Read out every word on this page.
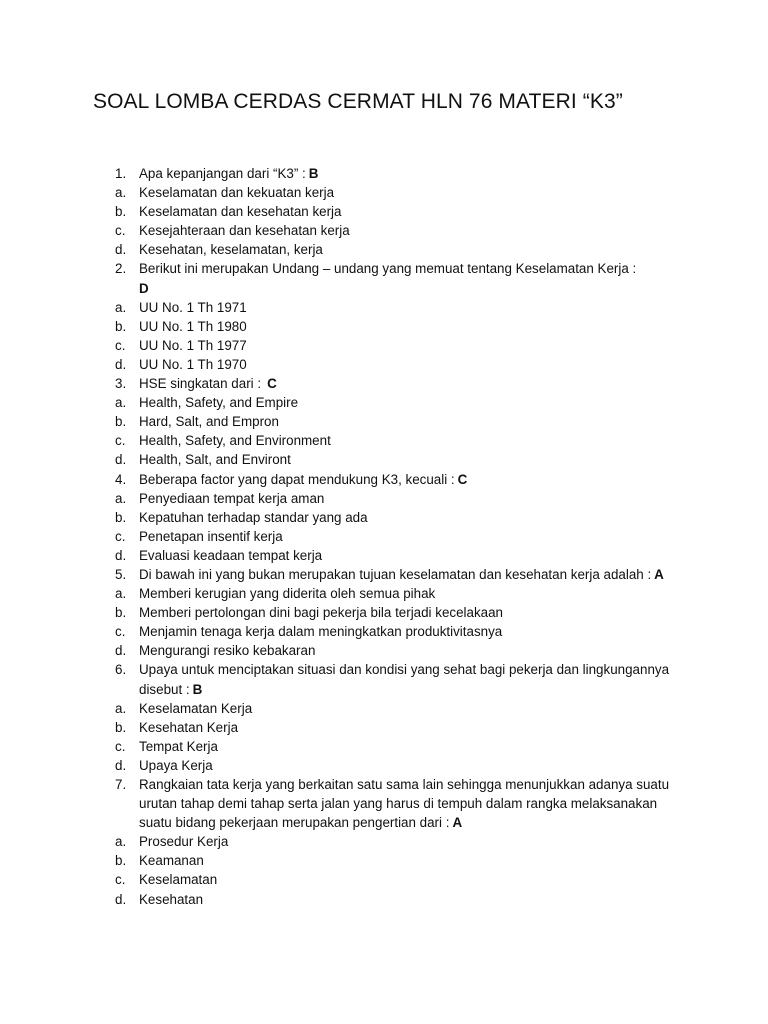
SOAL LOMBA CERDAS CERMAT HLN 76 MATERI “K3”
1. Apa kepanjangan dari “K3” : B
a. Keselamatan dan kekuatan kerja
b. Keselamatan dan kesehatan kerja
c. Kesejahteraan dan kesehatan kerja
d. Kesehatan, keselamatan, kerja
2. Berikut ini merupakan Undang – undang yang memuat tentang Keselamatan Kerja :
D
a. UU No. 1 Th 1971
b. UU No. 1 Th 1980
c. UU No. 1 Th 1977
d. UU No. 1 Th 1970
3. HSE singkatan dari : C
a. Health, Safety, and Empire
b. Hard, Salt, and Empron
c. Health, Safety, and Environment
d. Health, Salt, and Environt
4. Beberapa factor yang dapat mendukung K3, kecuali : C
a. Penyediaan tempat kerja aman
b. Kepatuhan terhadap standar yang ada
c. Penetapan insentif kerja
d. Evaluasi keadaan tempat kerja
5. Di bawah ini yang bukan merupakan tujuan keselamatan dan kesehatan kerja adalah : A
a. Memberi kerugian yang diderita oleh semua pihak
b. Memberi pertolongan dini bagi pekerja bila terjadi kecelakaan
c. Menjamin tenaga kerja dalam meningkatkan produktivitasnya
d. Mengurangi resiko kebakaran
6. Upaya untuk menciptakan situasi dan kondisi yang sehat bagi pekerja dan lingkungannya disebut : B
a. Keselamatan Kerja
b. Kesehatan Kerja
c. Tempat Kerja
d. Upaya Kerja
7. Rangkaian tata kerja yang berkaitan satu sama lain sehingga menunjukkan adanya suatu urutan tahap demi tahap serta jalan yang harus di tempuh dalam rangka melaksanakan suatu bidang pekerjaan merupakan pengertian dari : A
a. Prosedur Kerja
b. Keamanan
c. Keselamatan
d. Kesehatan
